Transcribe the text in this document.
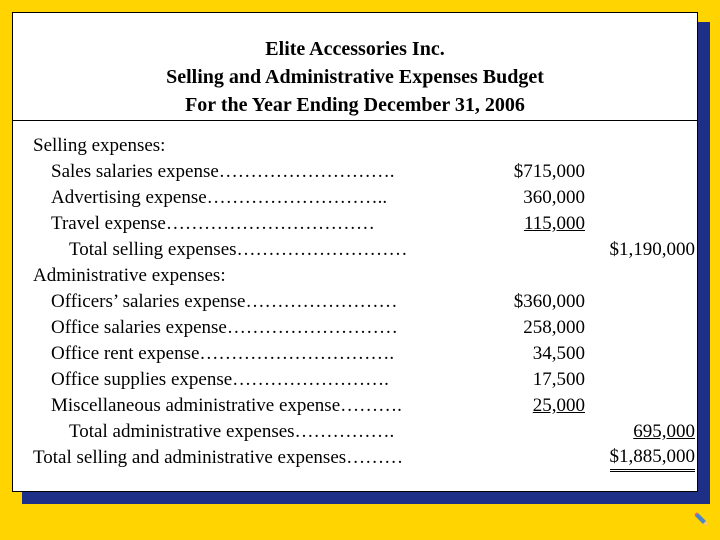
Elite Accessories Inc.
Selling and Administrative Expenses Budget
For the Year Ending December 31, 2006
Selling expenses:
Sales salaries expense……………………….	$715,000
Advertising expense………………………..	360,000
Travel expense……………………………	115,000
Total selling expenses………………………	$1,190,000
Administrative expenses:
Officers’ salaries expense……………………	$360,000
Office salaries expense………………………	258,000
Office rent expense………………………….	34,500
Office supplies expense…………………….	17,500
Miscellaneous administrative expense……….	25,000
Total administrative expenses…………….	695,000
Total selling and administrative expenses………	$1,885,000
